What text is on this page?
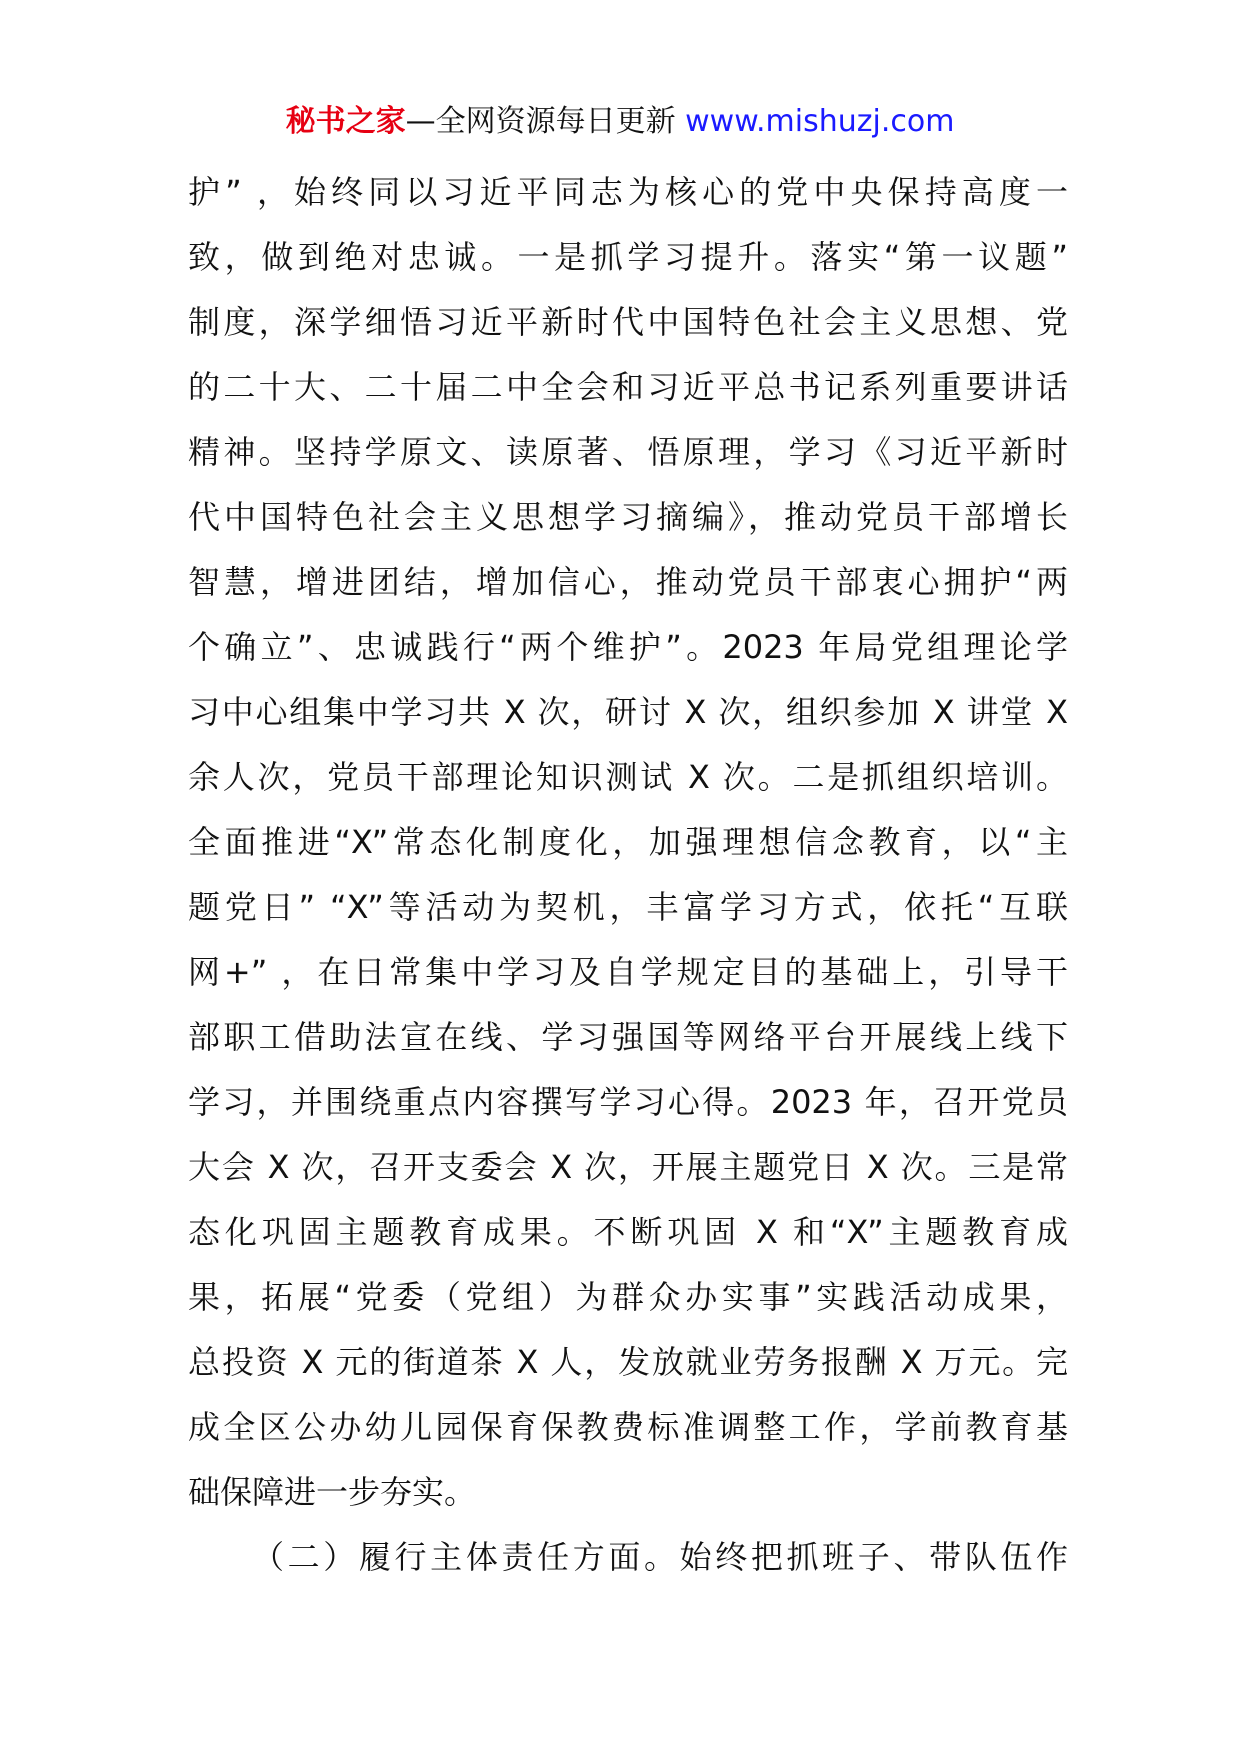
秘书之家—全网资源每日更新 www.mishuzj.com
护” ，始终同以习近平同志为核心的党中央保持高度一
致，做到绝对忠诚。一是抓学习提升。落实“第一议题”
制度，深学细悟习近平新时代中国特色社会主义思想、党
的二十大、二十届二中全会和习近平总书记系列重要讲话
精神。坚持学原文、读原著、悟原理，学习《习近平新时
代中国特色社会主义思想学习摘编》，推动党员干部增长
智慧，增进团结，增加信心，推动党员干部衷心拥护“两
个确立”、忠诚践行“两个维护”。2023 年局党组理论学
习中心组集中学习共 X 次，研讨 X 次，组织参加 X 讲堂 X
余人次，党员干部理论知识测试 X 次。二是抓组织培训。
全面推进“X”常态化制度化，加强理想信念教育，以“主
题党日” “X”等活动为契机，丰富学习方式，依托“互联
网+” ，在日常集中学习及自学规定目的基础上，引导干
部职工借助法宣在线、学习强国等网络平台开展线上线下
学习，并围绕重点内容撰写学习心得。2023 年，召开党员
大会 X 次，召开支委会 X 次，开展主题党日 X 次。三是常
态化巩固主题教育成果。不断巩固 X 和“X”主题教育成
果，拓展“党委（党组）为群众办实事”实践活动成果，
总投资 X 元的街道茶 X 人，发放就业劳务报酬 X 万元。完
成全区公办幼儿园保育保教费标准调整工作，学前教育基
础保障进一步夯实。
（二）履行主体责任方面。始终把抓班子、带队伍作
